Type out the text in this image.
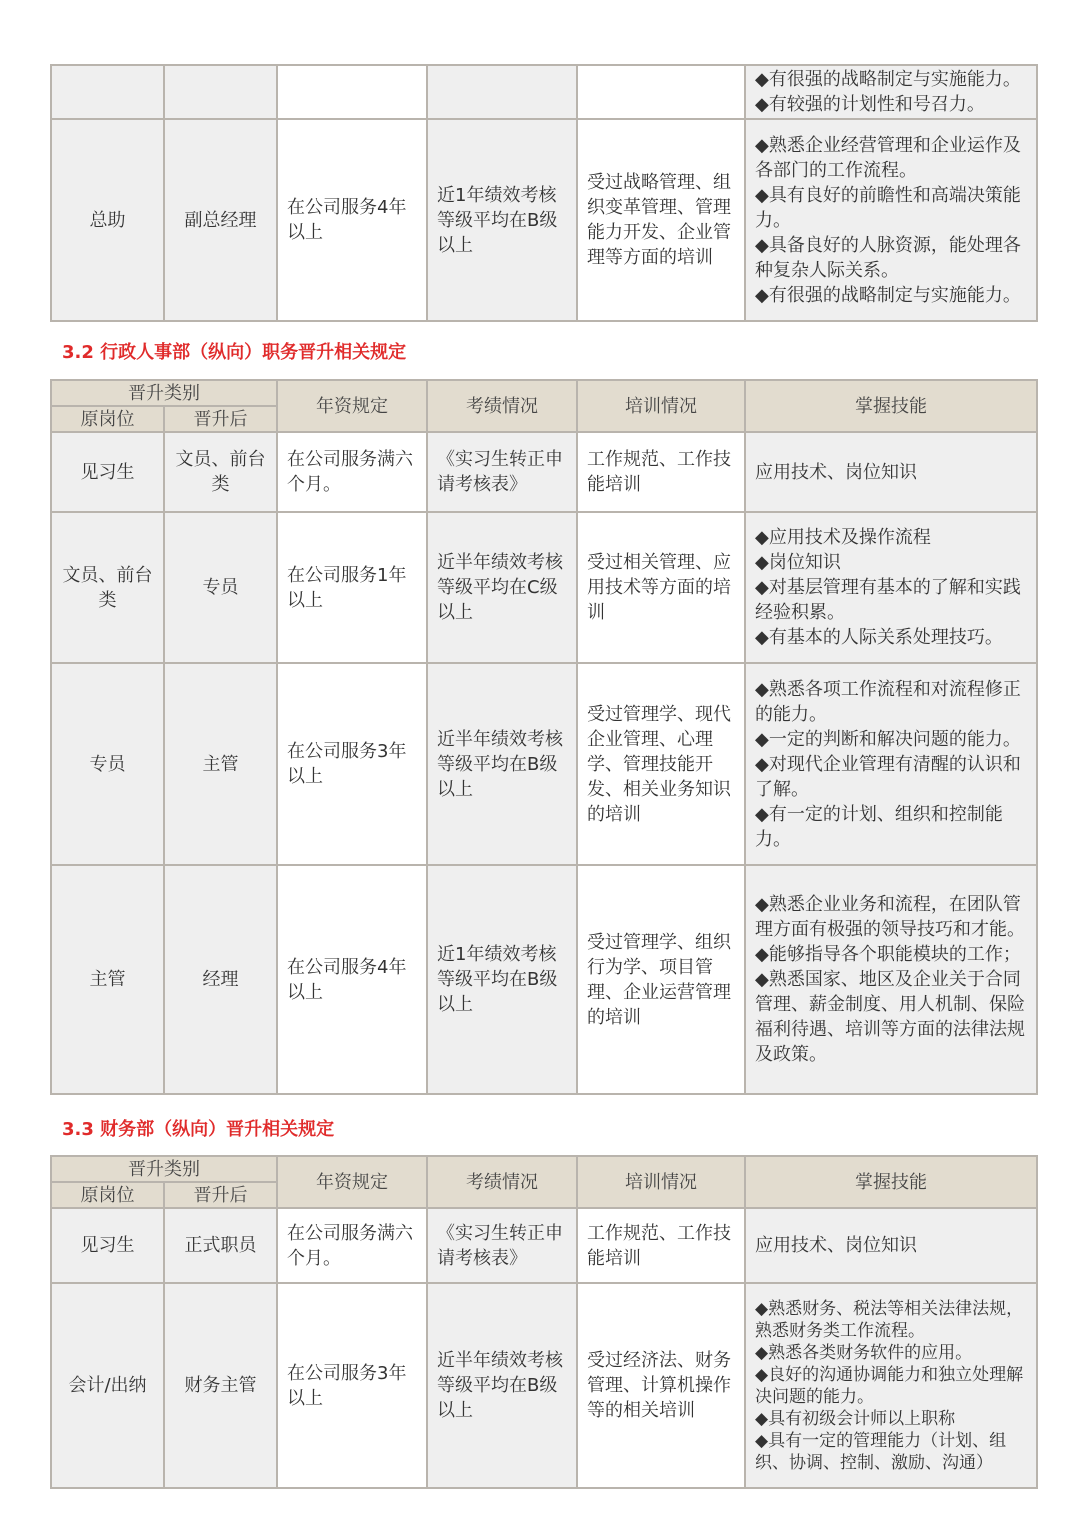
					◆有很强的战略制定与实施能力。
◆有较强的计划性和号召力。

总助	副总经理	在公司服务4年以上	近1年绩效考核等级平均在B级以上	受过战略管理、组织变革管理、管理能力开发、企业管理等方面的培训	◆熟悉企业经营管理和企业运作及各部门的工作流程。
◆具有良好的前瞻性和高端决策能力。
◆具备良好的人脉资源，能处理各种复杂人际关系。
◆有很强的战略制定与实施能力。
3.2 行政人事部（纵向）职务晋升相关规定
晋升类别		年资规定	考绩情况	培训情况	掌握技能
原岗位	晋升后				
见习生	文员、前台类	在公司服务满六个月。	《实习生转正申请考核表》	工作规范、工作技能培训	应用技术、岗位知识

文员、前台类	专员	在公司服务1年以上	近半年绩效考核等级平均在C级以上	受过相关管理、应用技术等方面的培训	◆应用技术及操作流程
◆岗位知识
◆对基层管理有基本的了解和实践经验积累。
◆有基本的人际关系处理技巧。

专员	主管	在公司服务3年以上	近半年绩效考核等级平均在B级以上	受过管理学、现代企业管理、心理学、管理技能开发、相关业务知识的培训	◆熟悉各项工作流程和对流程修正的能力。
◆一定的判断和解决问题的能力。
◆对现代企业管理有清醒的认识和了解。
◆有一定的计划、组织和控制能力。

主管	经理	在公司服务4年以上	近1年绩效考核等级平均在B级以上	受过管理学、组织行为学、项目管理、企业运营管理的培训	◆熟悉企业业务和流程，在团队管理方面有极强的领导技巧和才能。
◆能够指导各个职能模块的工作；
◆熟悉国家、地区及企业关于合同管理、薪金制度、用人机制、保险福利待遇、培训等方面的法律法规及政策。
3.3 财务部（纵向）晋升相关规定
晋升类别		年资规定	考绩情况	培训情况	掌握技能
原岗位	晋升后				
见习生	正式职员	在公司服务满六个月。	《实习生转正申请考核表》	工作规范、工作技能培训	应用技术、岗位知识

会计/出纳	财务主管	在公司服务3年以上	近半年绩效考核等级平均在B级以上	受过经济法、财务管理、计算机操作等的相关培训	◆熟悉财务、税法等相关法律法规，熟悉财务类工作流程。
◆熟悉各类财务软件的应用。
◆良好的沟通协调能力和独立处理解决问题的能力。
◆具有初级会计师以上职称
◆具有一定的管理能力（计划、组织、协调、控制、激励、沟通）
